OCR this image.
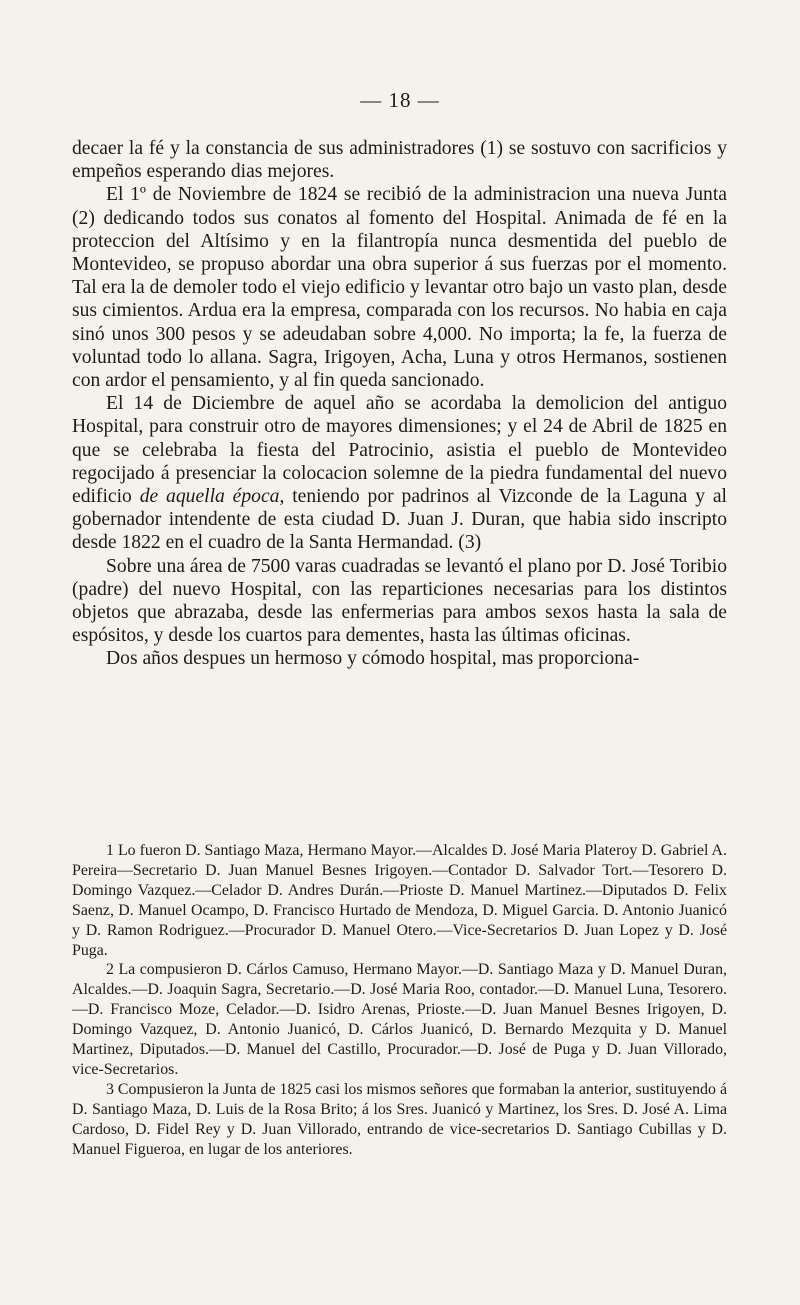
— 18 —

decaer la fé y la constancia de sus administradores (1) se sostuvo con sacrificios y empeños esperando dias mejores.

El 1º de Noviembre de 1824 se recibió de la administracion una nueva Junta (2) dedicando todos sus conatos al fomento del Hospital. Animada de fé en la proteccion del Altísimo y en la filantropía nunca desmentida del pueblo de Montevideo, se propuso abordar una obra superior á sus fuerzas por el momento. Tal era la de demoler todo el viejo edificio y levantar otro bajo un vasto plan, desde sus cimientos. Ardua era la empresa, comparada con los recursos. No habia en caja sinó unos 300 pesos y se adeudaban sobre 4,000. No importa; la fe, la fuerza de voluntad todo lo allana. Sagra, Irigoyen, Acha, Luna y otros Hermanos, sostienen con ardor el pensamiento, y al fin queda sancionado.

El 14 de Diciembre de aquel año se acordaba la demolicion del antiguo Hospital, para construir otro de mayores dimensiones; y el 24 de Abril de 1825 en que se celebraba la fiesta del Patrocinio, asistia el pueblo de Montevideo regocijado á presenciar la colocacion solemne de la piedra fundamental del nuevo edificio de aquella época, teniendo por padrinos al Vizconde de la Laguna y al gobernador intendente de esta ciudad D. Juan J. Duran, que habia sido inscripto desde 1822 en el cuadro de la Santa Hermandad. (3)

Sobre una área de 7500 varas cuadradas se levantó el plano por D. José Toribio (padre) del nuevo Hospital, con las reparticiones necesarias para los distintos objetos que abrazaba, desde las enfermerias para ambos sexos hasta la sala de espósitos, y desde los cuartos para dementes, hasta las últimas oficinas.

Dos años despues un hermoso y cómodo hospital, mas proporciona-

1 Lo fueron D. Santiago Maza, Hermano Mayor.—Alcaldes D. José Maria Plateroy D. Gabriel A. Pereira—Secretario D. Juan Manuel Besnes Irigoyen.—Contador D. Salvador Tort.—Tesorero D. Domingo Vazquez.—Celador D. Andres Durán.—Prioste D. Manuel Martinez.—Diputados D. Felix Saenz, D. Manuel Ocampo, D. Francisco Hurtado de Mendoza, D. Miguel Garcia. D. Antonio Juanicó y D. Ramon Rodriguez.—Procurador D. Manuel Otero.—Vice-Secretarios D. Juan Lopez y D. José Puga.

2 La compusieron D. Cárlos Camuso, Hermano Mayor.—D. Santiago Maza y D. Manuel Duran, Alcaldes.—D. Joaquin Sagra, Secretario.—D. José Maria Roo, contador.—D. Manuel Luna, Tesorero.—D. Francisco Moze, Celador.—D. Isidro Arenas, Prioste.—D. Juan Manuel Besnes Irigoyen, D. Domingo Vazquez, D. Antonio Juanicó, D. Cárlos Juanicó, D. Bernardo Mezquita y D. Manuel Martinez, Diputados.—D. Manuel del Castillo, Procurador.—D. José de Puga y D. Juan Villorado, vice-Secretarios.

3 Compusieron la Junta de 1825 casi los mismos señores que formaban la anterior, sustituyendo á D. Santiago Maza, D. Luis de la Rosa Brito; á los Sres. Juanicó y Martinez, los Sres. D. José A. Lima Cardoso, D. Fidel Rey y D. Juan Villorado, entrando de vice-secretarios D. Santiago Cubillas y D. Manuel Figueroa, en lugar de los anteriores.
